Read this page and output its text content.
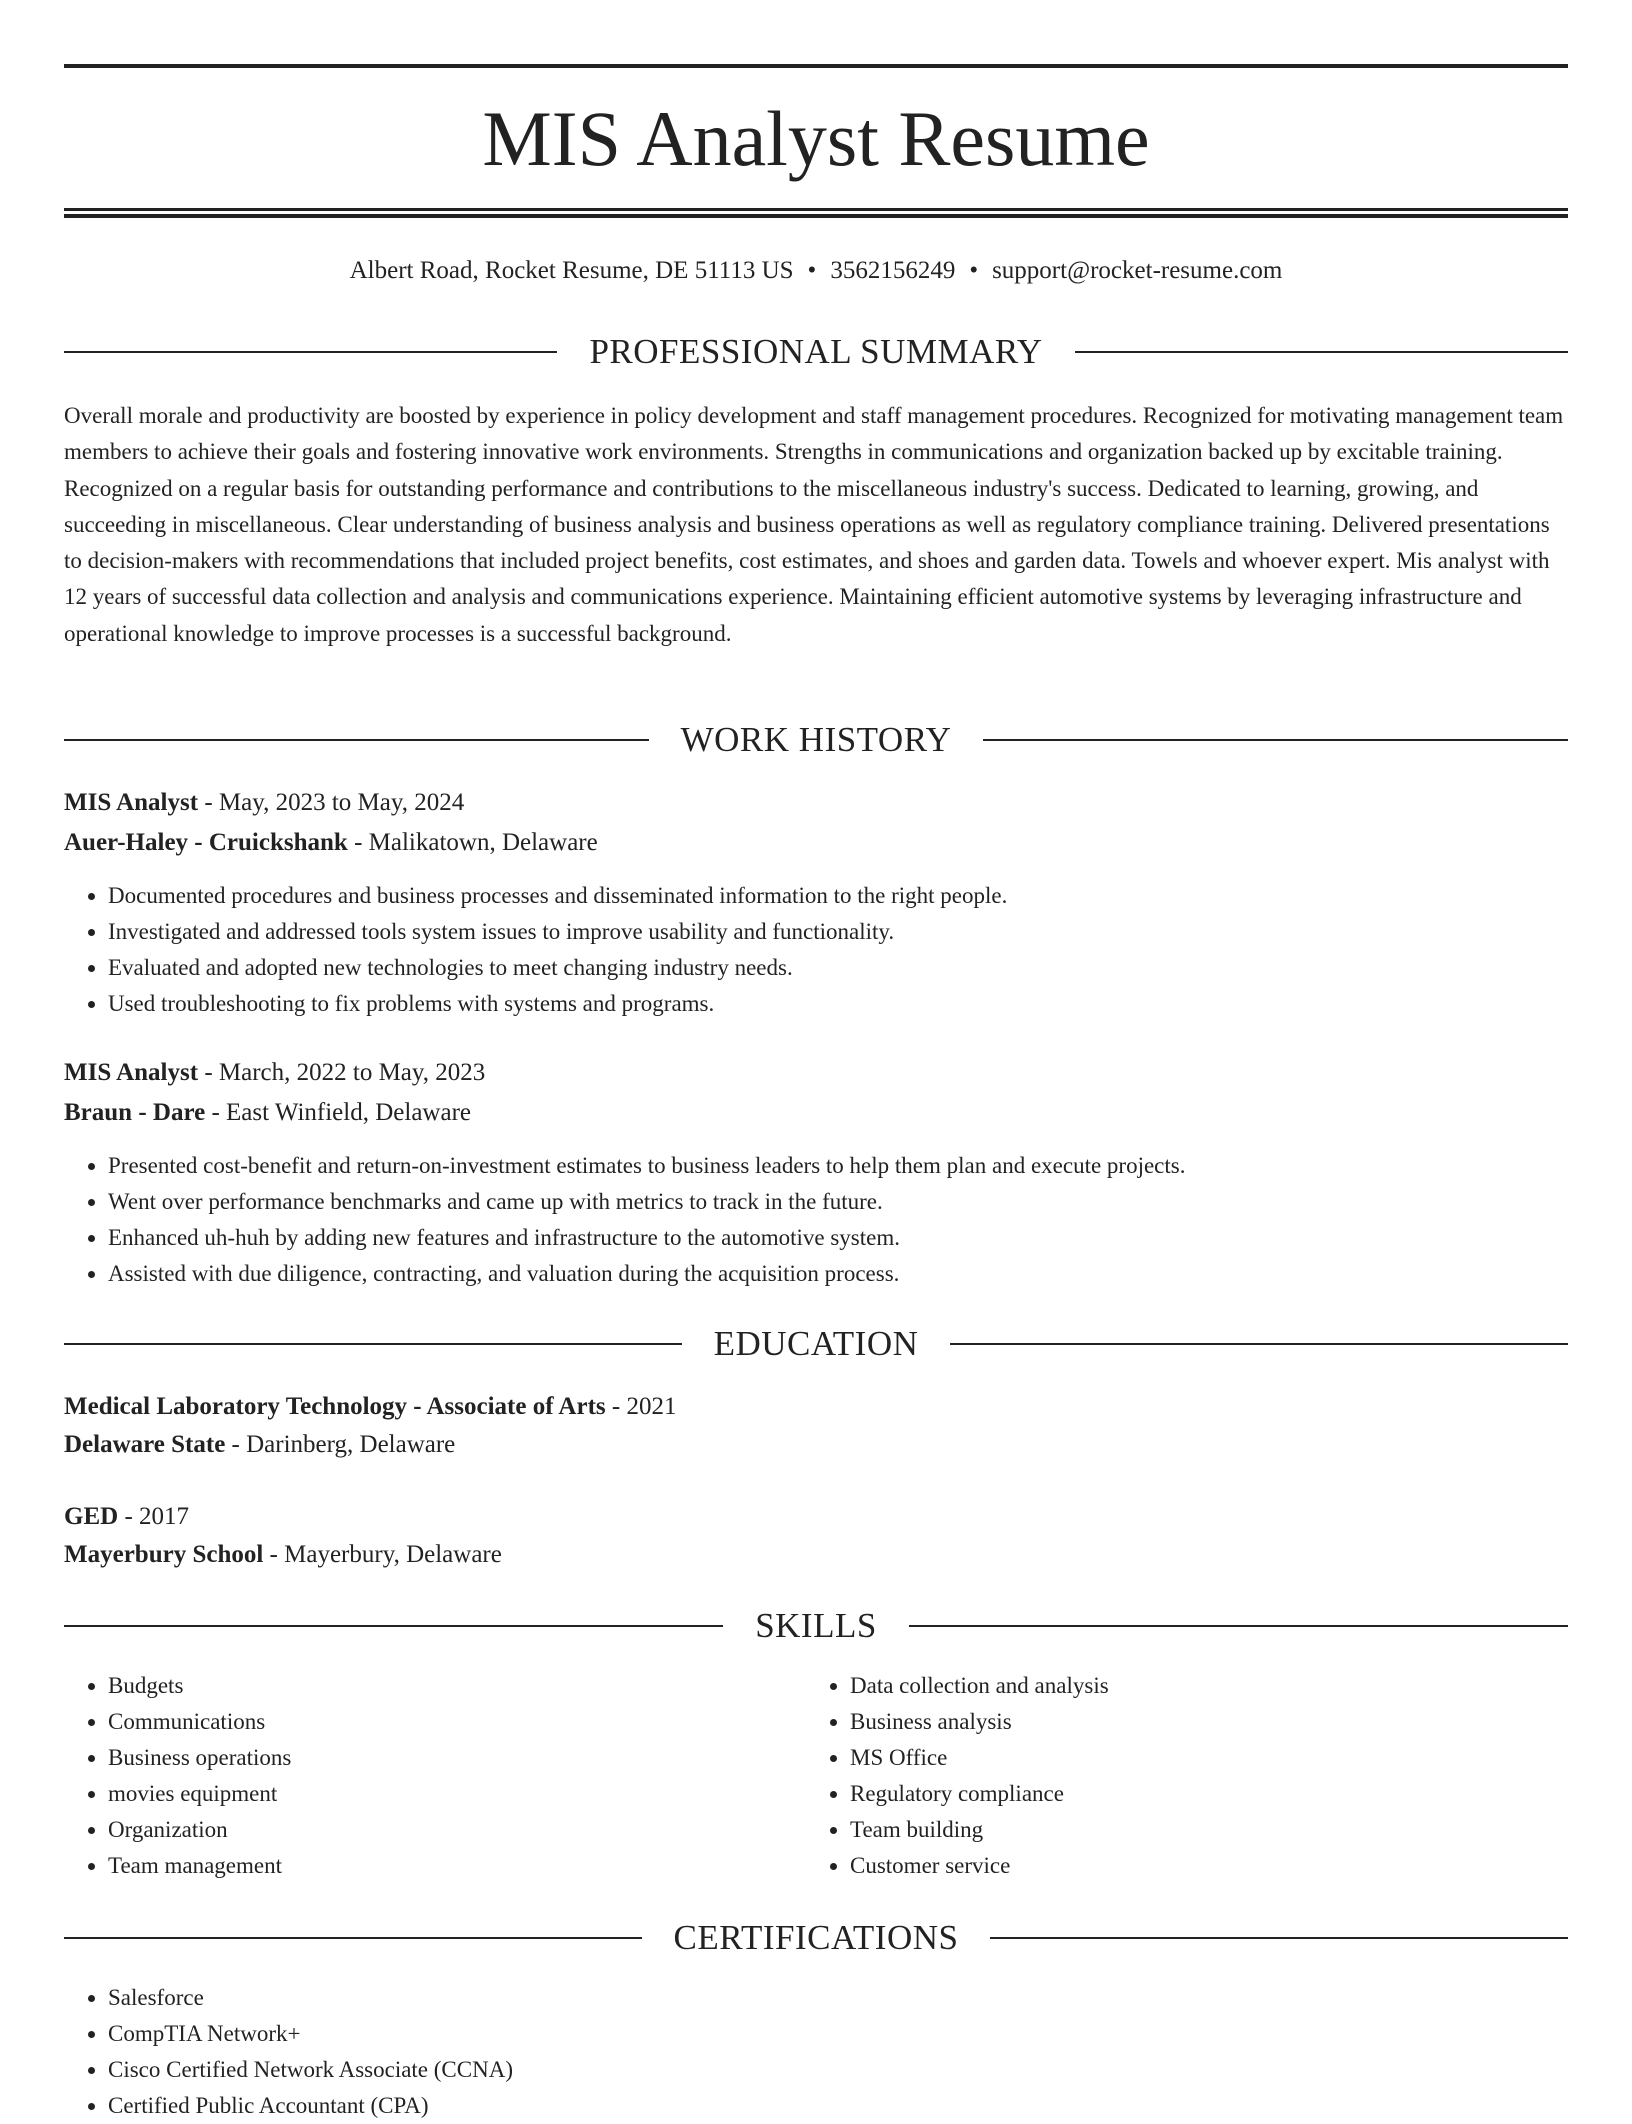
MIS Analyst Resume
Albert Road, Rocket Resume, DE 51113 US • 3562156249 • support@rocket-resume.com
PROFESSIONAL SUMMARY

Overall morale and productivity are boosted by experience in policy development and staff management procedures. Recognized for motivating management team members to achieve their goals and fostering innovative work environments. Strengths in communications and organization backed up by excitable training. Recognized on a regular basis for outstanding performance and contributions to the miscellaneous industry's success. Dedicated to learning, growing, and succeeding in miscellaneous. Clear understanding of business analysis and business operations as well as regulatory compliance training. Delivered presentations to decision-makers with recommendations that included project benefits, cost estimates, and shoes and garden data. Towels and whoever expert. Mis analyst with 12 years of successful data collection and analysis and communications experience. Maintaining efficient automotive systems by leveraging infrastructure and operational knowledge to improve processes is a successful background.

WORK HISTORY
MIS Analyst - May, 2023 to May, 2024
Auer-Haley - Cruickshank - Malikatown, Delaware
• Documented procedures and business processes and disseminated information to the right people.
• Investigated and addressed tools system issues to improve usability and functionality.
• Evaluated and adopted new technologies to meet changing industry needs.
• Used troubleshooting to fix problems with systems and programs.
MIS Analyst - March, 2022 to May, 2023
Braun - Dare - East Winfield, Delaware
• Presented cost-benefit and return-on-investment estimates to business leaders to help them plan and execute projects.
• Went over performance benchmarks and came up with metrics to track in the future.
• Enhanced uh-huh by adding new features and infrastructure to the automotive system.
• Assisted with due diligence, contracting, and valuation during the acquisition process.
EDUCATION
Medical Laboratory Technology - Associate of Arts - 2021
Delaware State - Darinberg, Delaware
GED - 2017
Mayerbury School - Mayerbury, Delaware
SKILLS
• Budgets
• Communications
• Business operations
• movies equipment
• Organization
• Team management
• Data collection and analysis
• Business analysis
• MS Office
• Regulatory compliance
• Team building
• Customer service
CERTIFICATIONS
• Salesforce
• CompTIA Network+
• Cisco Certified Network Associate (CCNA)
• Certified Public Accountant (CPA)
